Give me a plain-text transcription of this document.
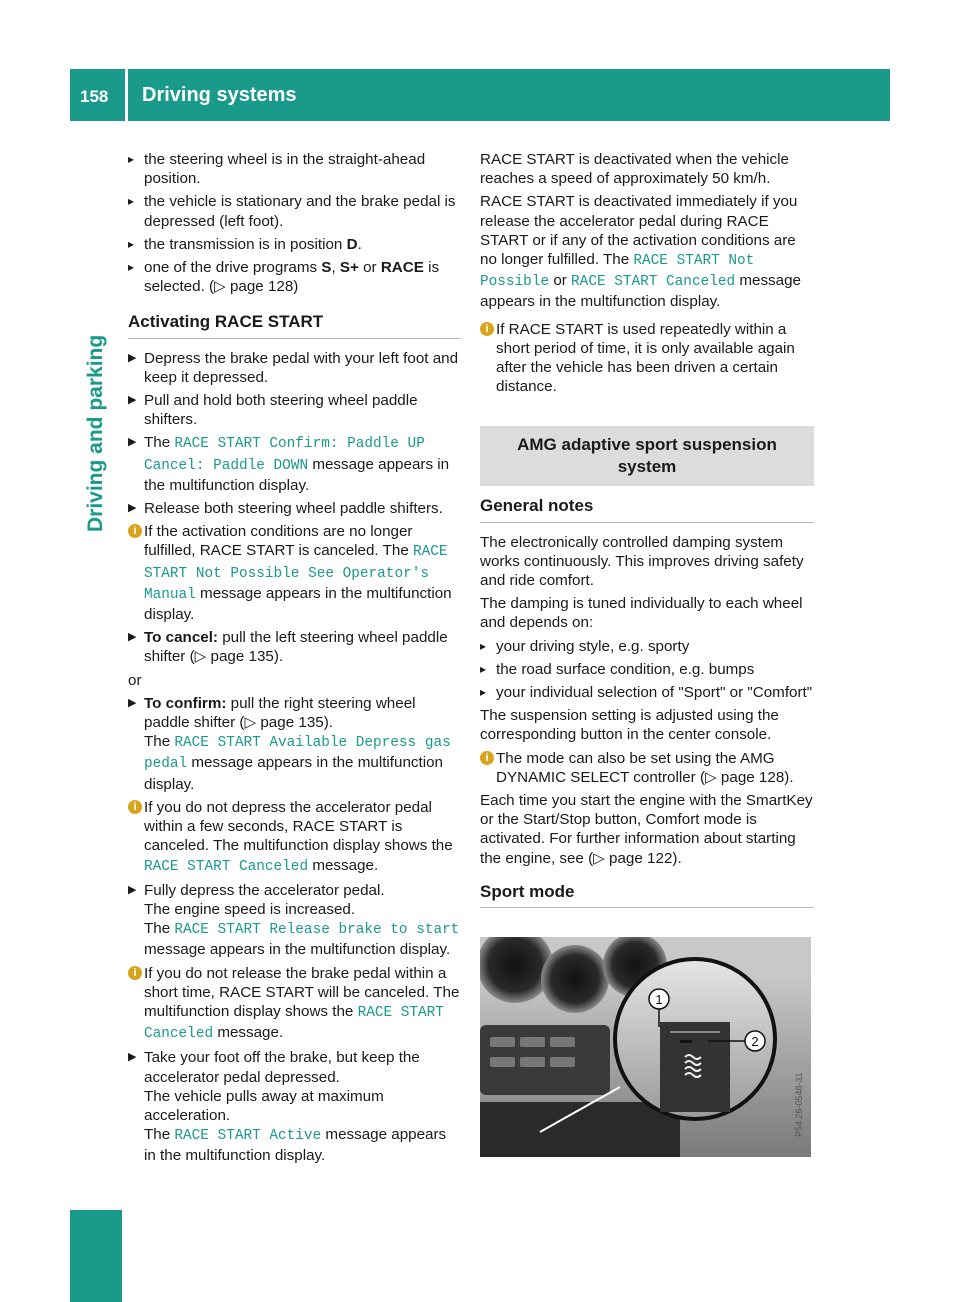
158 Driving systems
Driving and parking
▸ the steering wheel is in the straight-ahead position.
▸ the vehicle is stationary and the brake pedal is depressed (left foot).
▸ the transmission is in position D.
▸ one of the drive programs S, S+ or RACE is selected. (▷ page 128)
Activating RACE START
▶ Depress the brake pedal with your left foot and keep it depressed.
▶ Pull and hold both steering wheel paddle shifters.
▶ The RACE START Confirm: Paddle UP Cancel: Paddle DOWN message appears in the multifunction display.
▶ Release both steering wheel paddle shifters.
i If the activation conditions are no longer fulfilled, RACE START is canceled. The RACE START Not Possible See Operator's Manual message appears in the multifunction display.
▶ To cancel: pull the left steering wheel paddle shifter (▷ page 135).

or

▶ To confirm: pull the right steering wheel paddle shifter (▷ page 135).
The RACE START Available Depress gas pedal message appears in the multifunction display.
i If you do not depress the accelerator pedal within a few seconds, RACE START is canceled. The multifunction display shows the RACE START Canceled message.
▶ Fully depress the accelerator pedal.
The engine speed is increased.
The RACE START Release brake to start message appears in the multifunction display.
i If you do not release the brake pedal within a short time, RACE START will be canceled. The multifunction display shows the RACE START Canceled message.
▶ Take your foot off the brake, but keep the accelerator pedal depressed.
The vehicle pulls away at maximum acceleration.
The RACE START Active message appears in the multifunction display.

RACE START is deactivated when the vehicle reaches a speed of approximately 50 km/h.

RACE START is deactivated immediately if you release the accelerator pedal during RACE START or if any of the activation conditions are no longer fulfilled. The RACE START Not Possible or RACE START Canceled message appears in the multifunction display.

i If RACE START is used repeatedly within a short period of time, it is only available again after the vehicle has been driven a certain distance.
AMG adaptive sport suspension system
General notes

The electronically controlled damping system works continuously. This improves driving safety and ride comfort.

The damping is tuned individually to each wheel and depends on:

▸ your driving style, e.g. sporty
▸ the road surface condition, e.g. bumps
▸ your individual selection of "Sport" or "Comfort"

The suspension setting is adjusted using the corresponding button in the center console.

i The mode can also be set using the AMG DYNAMIC SELECT controller (▷ page 128).

Each time you start the engine with the SmartKey or the Start/Stop button, Comfort mode is activated. For further information about starting the engine, see (▷ page 122).

Sport mode
1
2
P54.26-0548-31
